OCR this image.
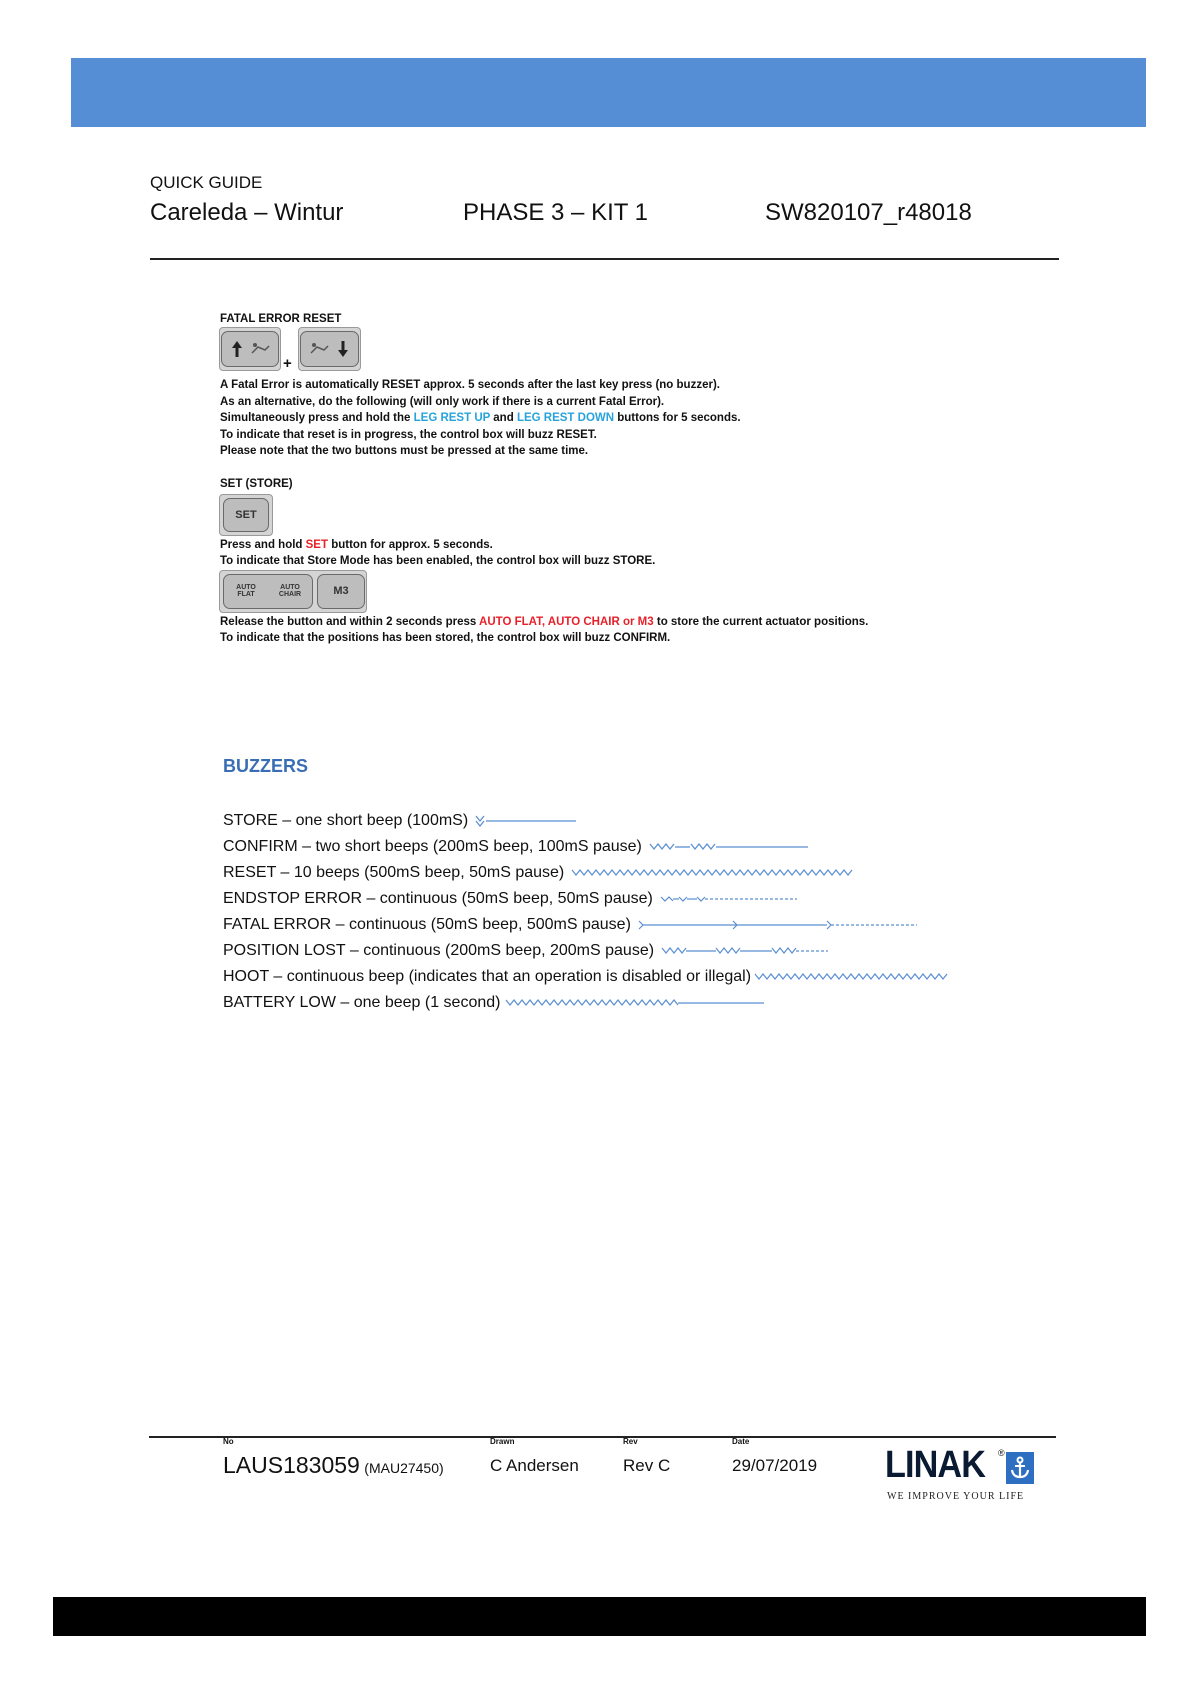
QUICK GUIDE
Careleda – Wintur	PHASE 3 – KIT 1	SW820107_r48018
FATAL ERROR RESET
+
A Fatal Error is automatically RESET approx. 5 seconds after the last key press (no buzzer).
As an alternative, do the following (will only work if there is a current Fatal Error).
Simultaneously press and hold the LEG REST UP and LEG REST DOWN buttons for 5 seconds.
To indicate that reset is in progress, the control box will buzz RESET.
Please note that the two buttons must be pressed at the same time.
SET (STORE)
SET
Press and hold SET button for approx. 5 seconds.
To indicate that Store Mode has been enabled, the control box will buzz STORE.
AUTO FLAT
AUTO CHAIR	M3
Release the button and within 2 seconds press AUTO FLAT, AUTO CHAIR or M3 to store the current actuator positions.
To indicate that the positions has been stored, the control box will buzz CONFIRM.
BUZZERS
STORE – one short beep (100mS)
CONFIRM – two short beeps (200mS beep, 100mS pause)
RESET – 10 beeps (500mS beep, 50mS pause)
ENDSTOP ERROR – continuous (50mS beep, 50mS pause)
FATAL ERROR – continuous (50mS beep, 500mS pause)
POSITION LOST – continuous (200mS beep, 200mS pause)
HOOT – continuous beep (indicates that an operation is disabled or illegal)
BATTERY LOW – one beep (1 second)
No	Drawn	Rev	Date
LAUS183059 (MAU27450)	C Andersen	Rev C	29/07/2019 LINAK ®
WE IMPROVE YOUR LIFE
